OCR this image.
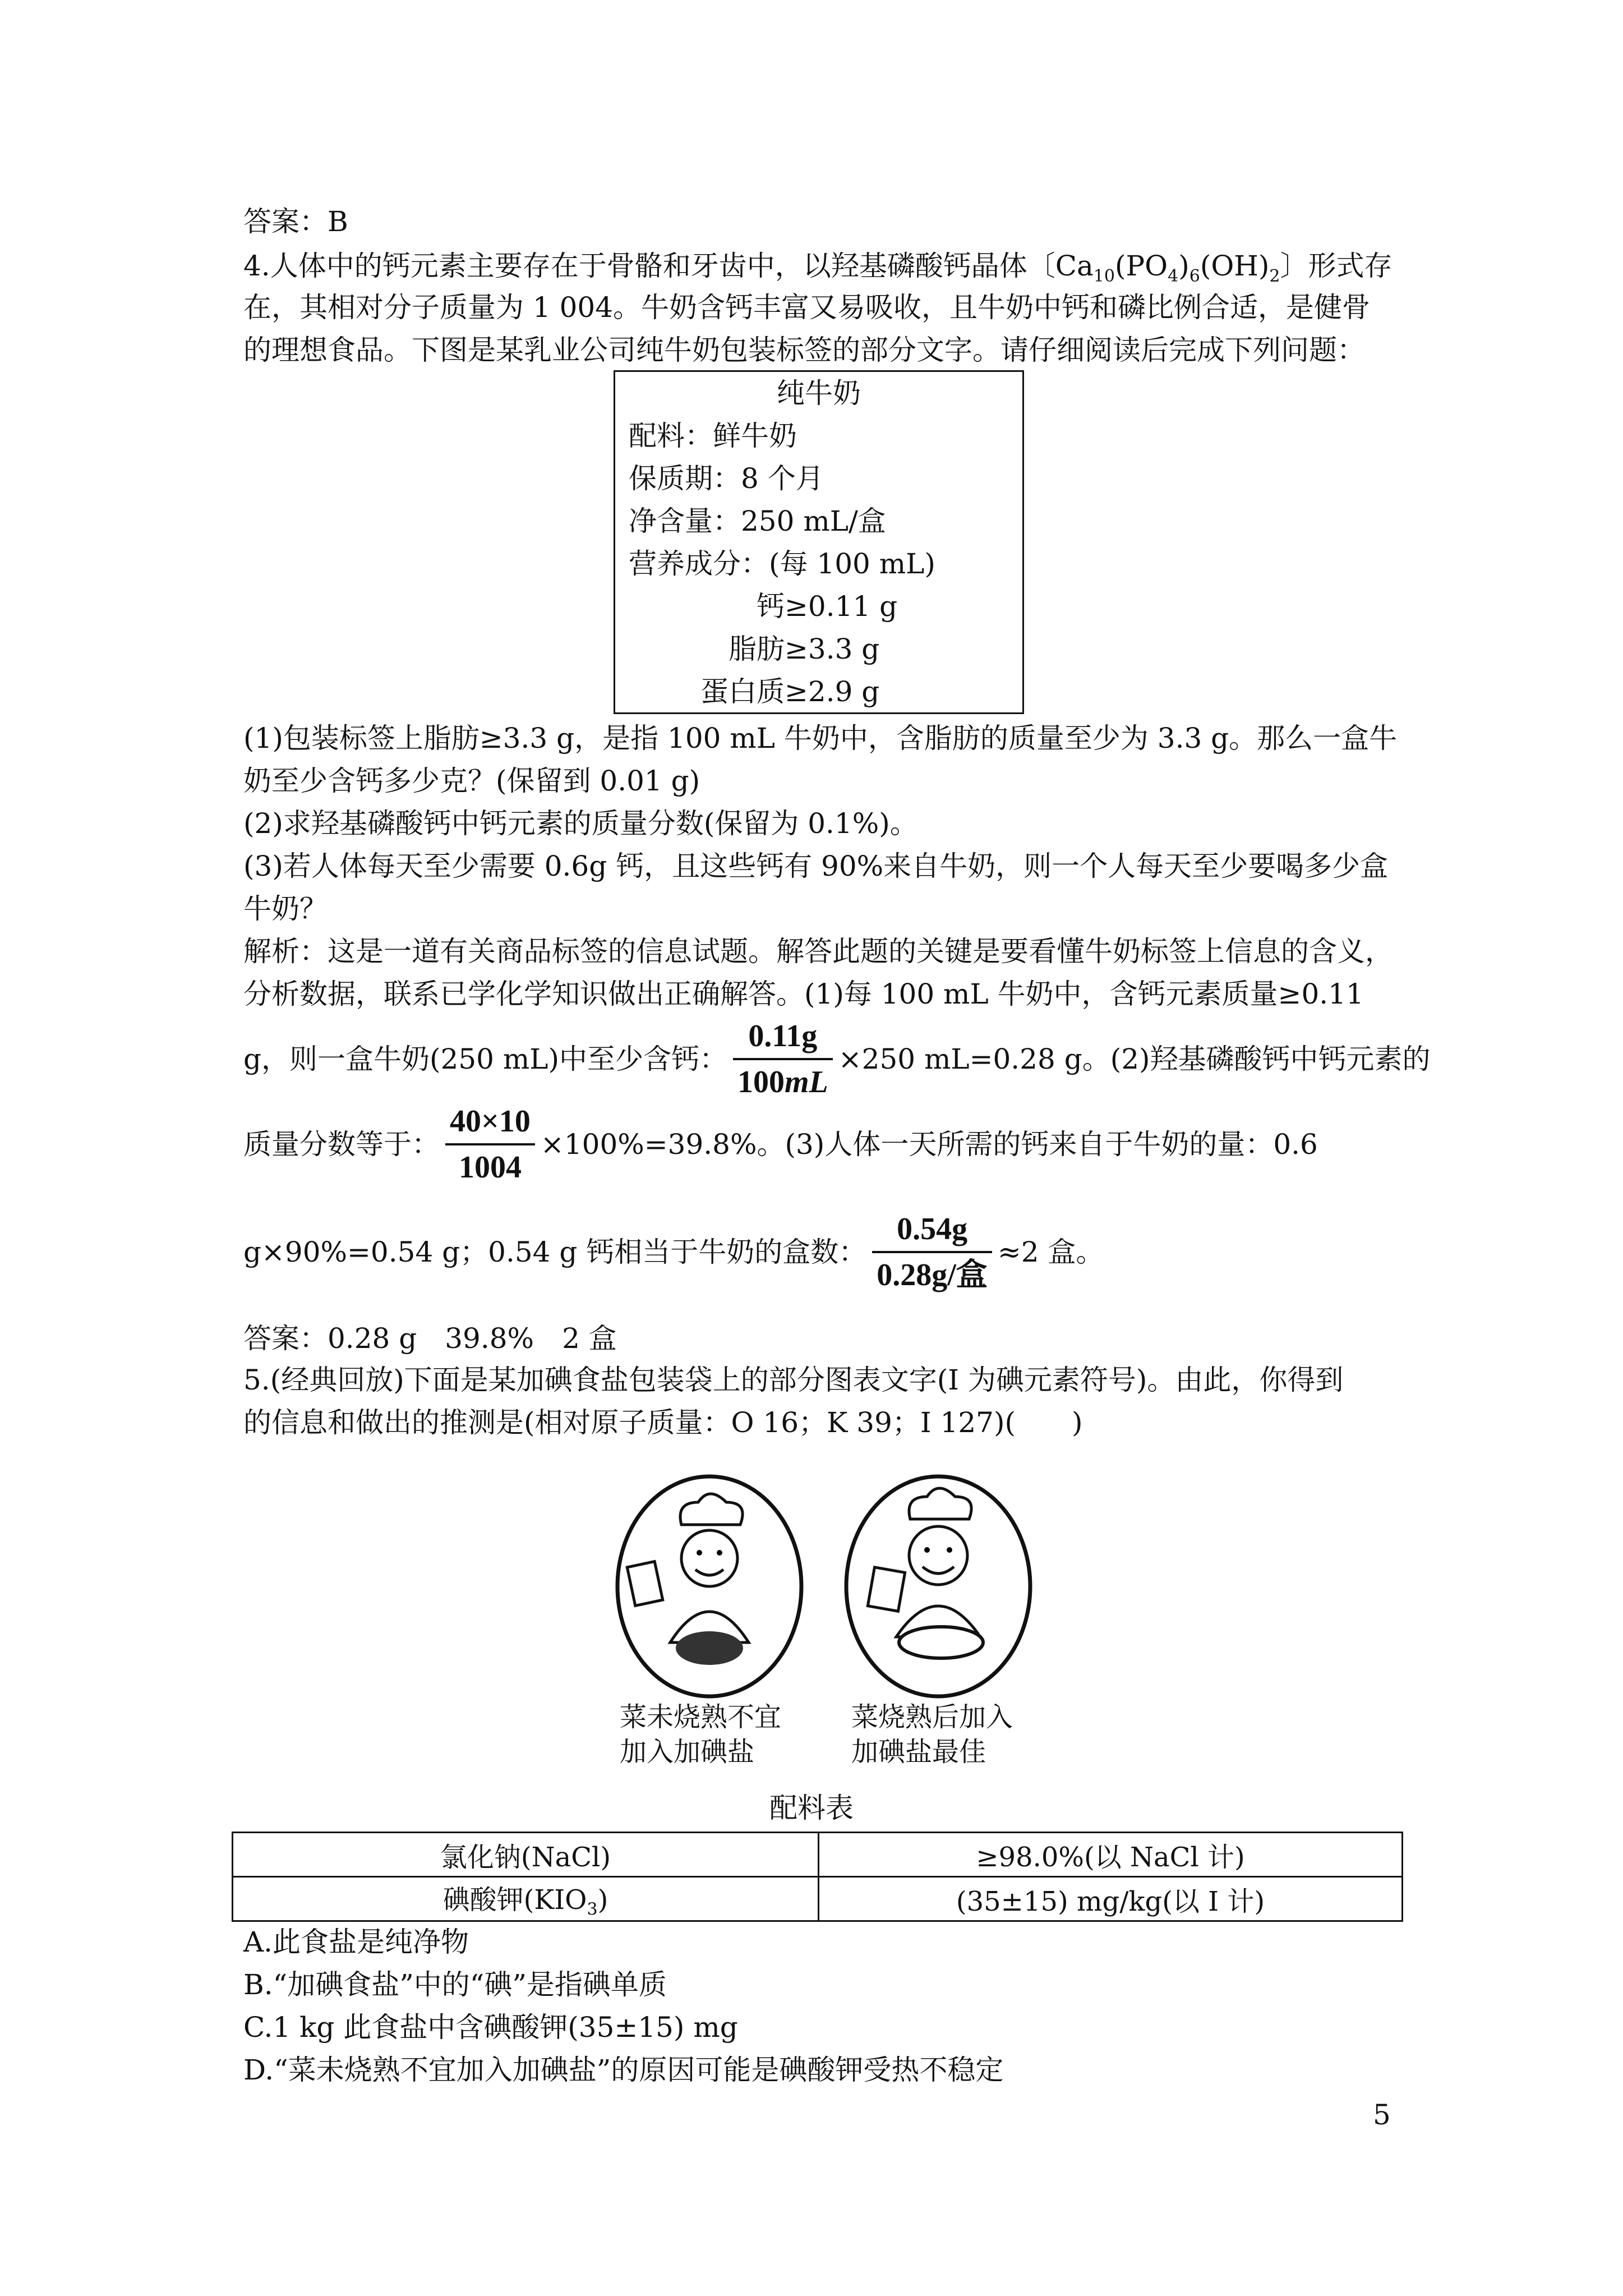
答案：B
4.人体中的钙元素主要存在于骨骼和牙齿中，以羟基磷酸钙晶体〔$Ca_{10}(PO_4)_6(OH)_2$〕形式存
在，其相对分子质量为 1 004。牛奶含钙丰富又易吸收，且牛奶中钙和磷比例合适，是健骨
的理想食品。下图是某乳业公司纯牛奶包装标签的部分文字。请仔细阅读后完成下列问题：
纯牛奶
配料：鲜牛奶
保质期：8 个月
净含量：250 mL/盒
营养成分：(每 100 mL)
钙≥0.11 g
脂肪≥3.3 g
蛋白质≥2.9 g
(1)包装标签上脂肪≥3.3 g，是指 100 mL 牛奶中，含脂肪的质量至少为 3.3 g。那么一盒牛
奶至少含钙多少克？(保留到 0.01 g)
(2)求羟基磷酸钙中钙元素的质量分数(保留为 0.1%)。
(3)若人体每天至少需要 0.6g 钙，且这些钙有 90%来自牛奶，则一个人每天至少要喝多少盒
牛奶？
解析：这是一道有关商品标签的信息试题。解答此题的关键是要看懂牛奶标签上信息的含义，
分析数据，联系已学化学知识做出正确解答。(1)每 100 mL 牛奶中，含钙元素质量≥0.11
g，则一盒牛奶(250 mL)中至少含钙： $\frac{0.11g}{100mL} \times 250$ mL=0.28 g。(2)羟基磷酸钙中钙元素的
质量分数等于： $\frac{40\times 10}{1004} \times 100\%=39.8\%$。(3)人体一天所需的钙来自于牛奶的量：0.6
g×90%=0.54 g；0.54 g 钙相当于牛奶的盒数： $\frac{0.54g}{\text{0.28g/盒}} \approx 2$ 盒。
答案：0.28 g　39.8%　2 盒
5.(经典回放)下面是某加碘食盐包装袋上的部分图表文字(I 为碘元素符号)。由此，你得到
的信息和做出的推测是(相对原子质量：O 16；K 39；I 127)(　　)
菜未烧熟不宜
加入加碘盐
菜烧熟后加入
加碘盐最佳
配料表
氯化钠(NaCl)	≥98.0%(以 NaCl 计)
碘酸钾$(KIO_3)$	(35±15) mg/kg(以 I 计)
A.此食盐是纯净物
B.“加碘食盐”中的“碘”是指碘单质
C.1 kg 此食盐中含碘酸钾(35±15) mg
D.“菜未烧熟不宜加入加碘盐”的原因可能是碘酸钾受热不稳定
5
